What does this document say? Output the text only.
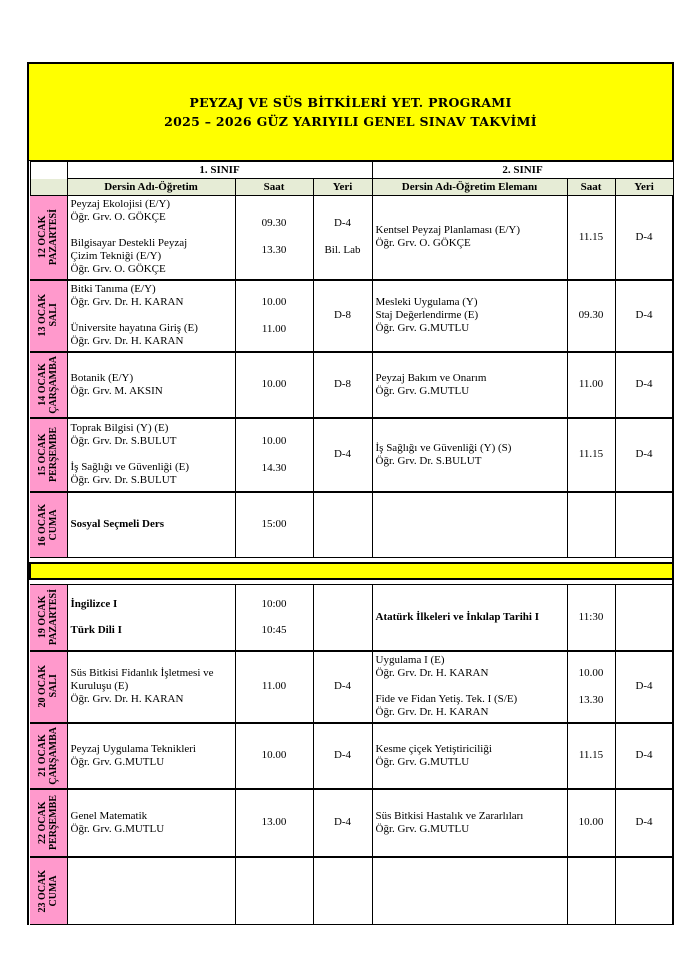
PEYZAJ VE SÜS BİTKİLERİ YET. PROGRAMI
2025 – 2026 GÜZ YARIYILI GENEL SINAV TAKVİMİ
	1. SINIF			2. SINIF		
	Dersin Adı-Öğretim	Saat	Yeri	Dersin Adı-Öğretim Elemanı	Saat	Yeri

12 OCAK
PAZARTESİ	Peyzaj Ekolojisi (E/Y)
Öğr. Grv. O. GÖKÇE
Bilgisayar Destekli Peyzaj
Çizim Tekniği (E/Y)
Öğr. Grv. O. GÖKÇE	09.30
13.30	D-4
Bil. Lab	Kentsel Peyzaj Planlaması (E/Y)
Öğr. Grv. O. GÖKÇE	11.15	D-4

13 OCAK
SALI	Bitki Tanıma (E/Y)
Öğr. Grv. Dr. H. KARAN
Üniversite hayatına Giriş (E)
Öğr. Grv. Dr. H. KARAN	10.00
11.00	D-8	Mesleki Uygulama (Y)
Staj Değerlendirme (E)
Öğr. Grv. G.MUTLU	09.30	D-4

14 OCAK
ÇARŞAMBA	Botanik (E/Y)
Öğr. Grv. M. AKSIN	10.00	D-8	Peyzaj Bakım ve Onarım
Öğr. Grv. G.MUTLU	11.00	D-4

15 OCAK
PERŞEMBE	Toprak Bilgisi (Y) (E)
Öğr. Grv. Dr. S.BULUT
İş Sağlığı ve Güvenliği (E)
Öğr. Grv. Dr. S.BULUT	10.00
14.30	D-4	İş Sağlığı ve Güvenliği (Y) (S)
Öğr. Grv. Dr. S.BULUT	11.15	D-4

16 OCAK
CUMA	Sosyal Seçmeli Ders	15:00				

19 OCAK
PAZARTESİ	İngilizce I
Türk Dili I	10:00
10:45		Atatürk İlkeleri ve İnkılap Tarihi I	11:30	

20 OCAK
SALI	Süs Bitkisi Fidanlık İşletmesi ve
Kuruluşu (E)
Öğr. Grv. Dr. H. KARAN	11.00	D-4	Uygulama I (E)
Öğr. Grv. Dr. H. KARAN
Fide ve Fidan Yetiş. Tek. I (S/E)
Öğr. Grv. Dr. H. KARAN	10.00
13.30	D-4

21 OCAK
ÇARŞAMBA	Peyzaj Uygulama Teknikleri
Öğr. Grv. G.MUTLU	10.00	D-4	Kesme çiçek Yetiştiriciliği
Öğr. Grv. G.MUTLU	11.15	D-4

22 OCAK
PERŞEMBE	Genel Matematik
Öğr. Grv. G.MUTLU	13.00	D-4	Süs Bitkisi Hastalık ve Zararlıları
Öğr. Grv. G.MUTLU	10.00	D-4

23 OCAK
CUMA						
